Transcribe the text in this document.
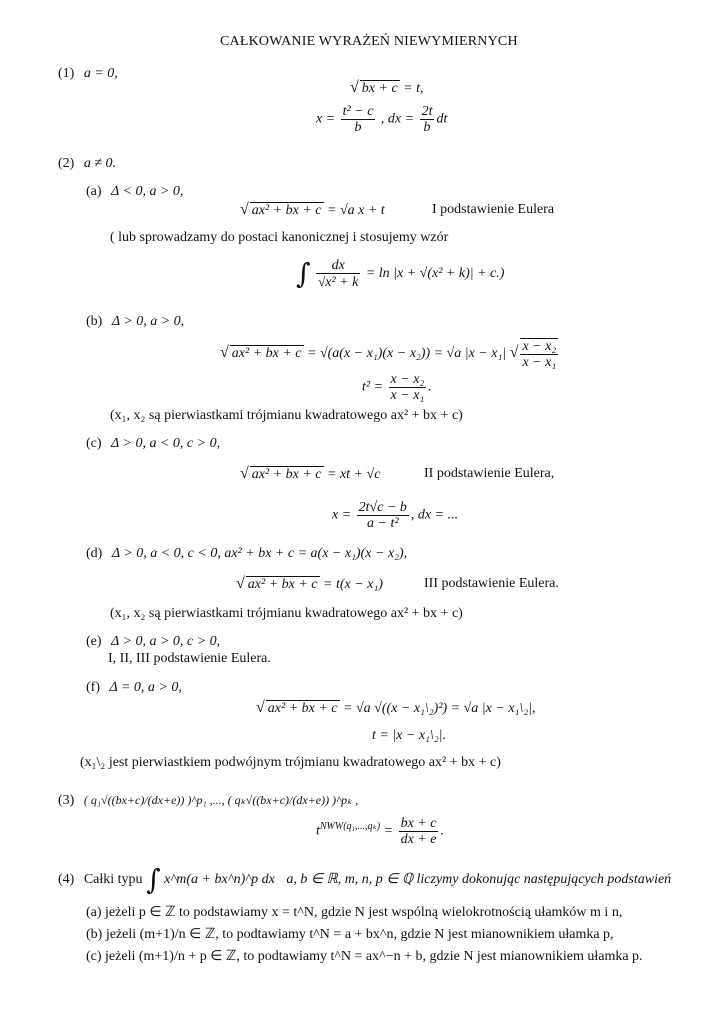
CAŁKOWANIE WYRAŻEŃ NIEWYMIERNYCH
(1) a = 0,
√ bx + c = t,
$x = \frac{\text{t² − c}}{b}$ , dx = $\frac{2t}{b}$ dt
(2) a ≠ 0.
(a) Δ < 0, a > 0,
√ ax² + bx + c = √a x + t	I podstawienie Eulera
( lub sprowadzamy do postaci kanonicznej i stosujemy wzór
∫ $\frac{dx}{\text{√x² + k}} = \ln |x + √(x^2 + k)| + c$.)
(b) Δ > 0, a > 0,
√ ax² + bx + c = √(a(x − x₁)(x − x₂)) = √a |x − x₁| √ $\frac{\text{x − x₂}}{\text{x − x₁}}$
$t^2 = \frac{\text{x − x₂}}{\text{x − x₁}}$ .
(x₁, x₂ są pierwiastkami trójmianu kwadratowego ax² + bx + c)
(c) Δ > 0, a < 0, c > 0,
√ ax² + bx + c = xt + √c	II podstawienie Eulera,
$x = \frac{2t√c - b}{\text{a − t²}}$ , dx = ...
(d) Δ > 0, a < 0, c < 0, ax² + bx + c = a(x − x₁)(x − x₂),
√ ax² + bx + c = t(x − x₁)	III podstawienie Eulera.
(x₁, x₂ są pierwiastkami trójmianu kwadratowego ax² + bx + c)
(e) Δ > 0, a > 0, c > 0,
I, II, III podstawienie Eulera.
(f) Δ = 0, a > 0,
√ ax² + bx + c = √a √((x − x₁\₂)²) = √a |x − x₁\₂|,
t = |x − x₁\₂|.
(x₁\₂ jest pierwiastkiem podwójnym trójmianu kwadratowego ax² + bx + c)
(3) ( q₁√((bx+c)/(dx+e)) )^p₁ ,..., ( qₖ√((bx+c)/(dx+e)) )^pₖ ,
$t^{NWW(q_1,...,q_k)} = \frac{bx + c}{dx + e}$ .
(4) Całki typu ∫ x^m(a + bx^n)^p dx a, b ∈ ℝ, m, n, p ∈ ℚ liczymy dokonując następujących podstawień
(a) jeżeli p ∈ ℤ to podstawiamy x = t^N, gdzie N jest wspólną wielokrotnością ułamków m i n,
(b) jeżeli (m+1)/n ∈ ℤ, to podtawiamy t^N = a + bx^n, gdzie N jest mianownikiem ułamka p,
(c) jeżeli (m+1)/n + p ∈ ℤ, to podtawiamy t^N = ax^−n + b, gdzie N jest mianownikiem ułamka p.
